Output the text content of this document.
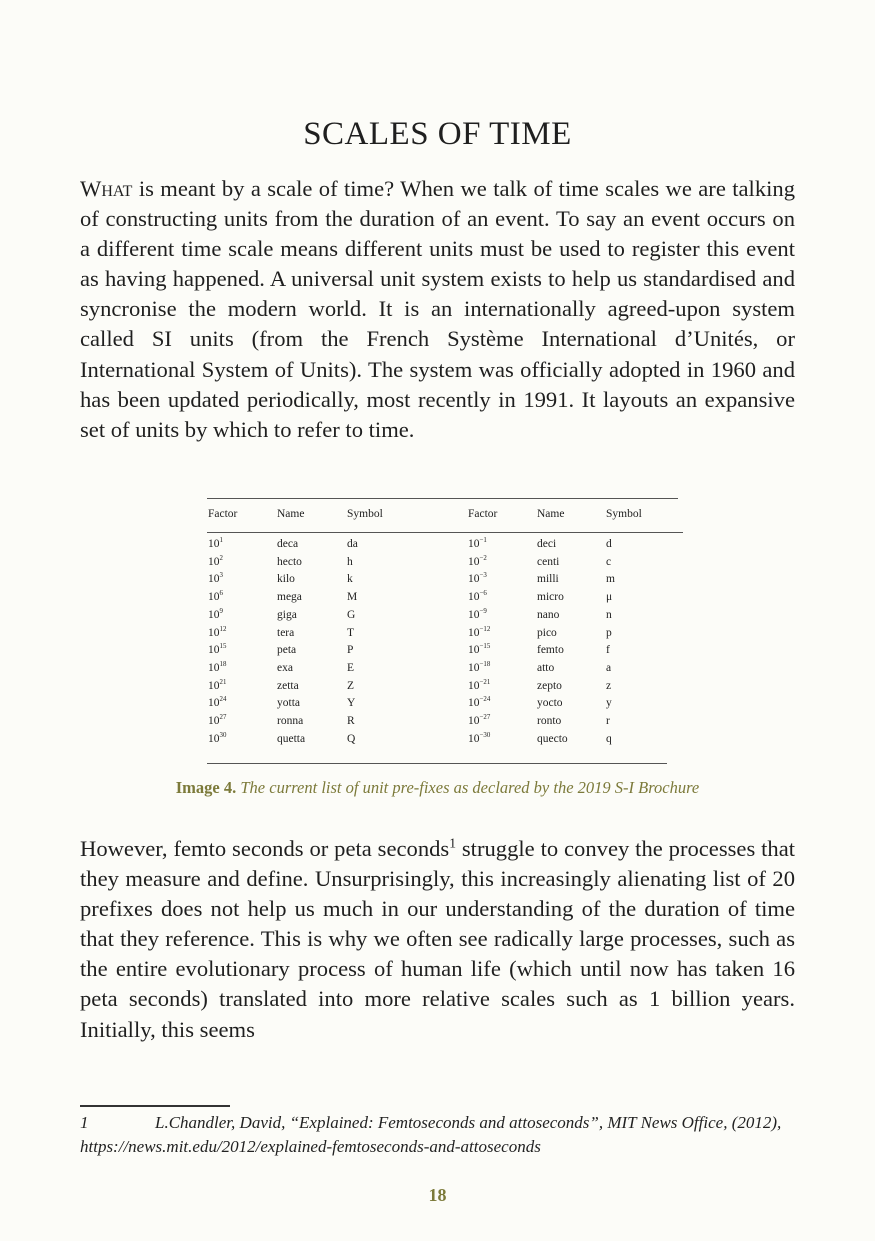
SCALES OF TIME

What is meant by a scale of time? When we talk of time scales we are talking of constructing units from the duration of an event. To say an event occurs on a different time scale means different units must be used to register this event as having happened. A universal unit system exists to help us standardised and syncronise the modern world. It is an internationally agreed-upon system called SI units (from the French Système International d’Unités, or International System of Units). The system was officially adopted in 1960 and has been updated periodically, most recently in 1991. It layouts an expansive set of units by which to refer to time.

Factor	Name	Symbol	Factor	Name	Symbol
$10^1$	deca	da	$10^{-1}$	deci	d
$10^2$	hecto	h	$10^{-2}$	centi	c
$10^3$	kilo	k	$10^{-3}$	milli	m
$10^6$	mega	M	$10^{-6}$	micro	μ
$10^9$	giga	G	$10^{-9}$	nano	n
$10^{12}$	tera	T	$10^{-12}$	pico	p
$10^{15}$	peta	P	$10^{-15}$	femto	f
$10^{18}$	exa	E	$10^{-18}$	atto	a
$10^{21}$	zetta	Z	$10^{-21}$	zepto	z
$10^{24}$	yotta	Y	$10^{-24}$	yocto	y
$10^{27}$	ronna	R	$10^{-27}$	ronto	r
$10^{30}$	quetta	Q	$10^{-30}$	quecto	q
Image 4. The current list of unit pre-fixes as declared by the 2019 S-I Brochure

However, femto seconds or peta seconds$^1$ struggle to convey the processes that they measure and define. Unsurprisingly, this increasingly alienating list of 20 prefixes does not help us much in our understanding of the duration of time that they reference. This is why we often see radically large processes, such as the entire evolutionary process of human life (which until now has taken 16 peta seconds) translated into more relative scales such as 1 billion years. Initially, this seems

1	L.Chandler, David, “Explained: Femtoseconds and attoseconds”, MIT News Office, (2012), https://news.mit.edu/2012/explained-femtoseconds-and-attoseconds
18
